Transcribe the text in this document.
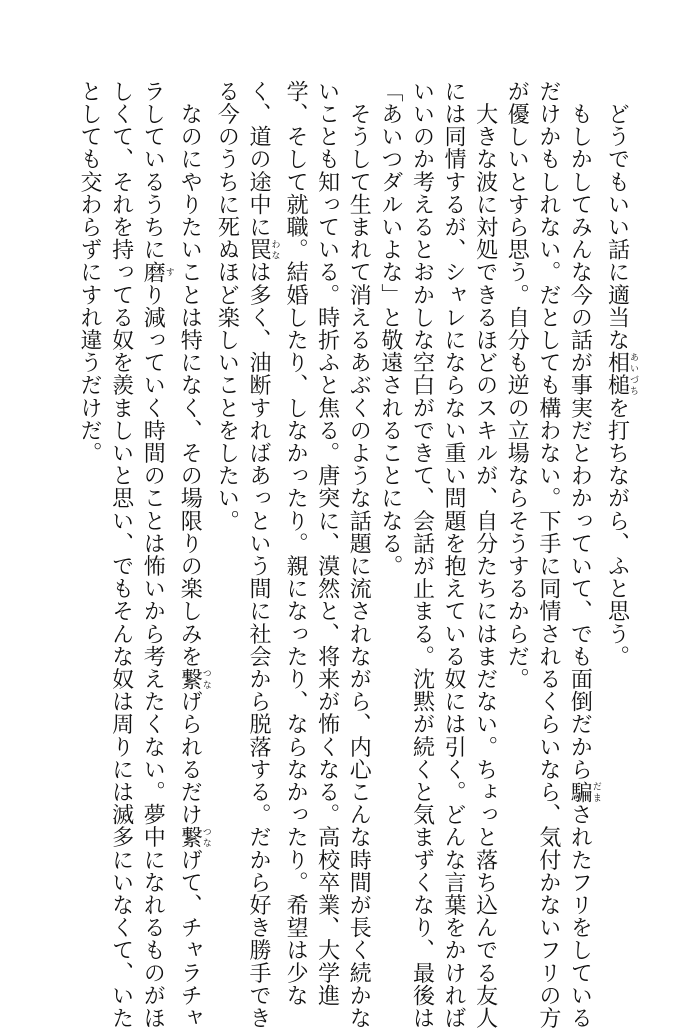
　どうでもいい話に適当な相槌あいづちを打ちながら、ふと思う。
　もしかしてみんな今の話が事実だとわかっていて、でも面倒だから騙だまされたフリをしている
だけかもしれない。だとしても構わない。下手に同情されるくらいなら、気付かないフリの方
が優しいとすら思う。自分も逆の立場ならそうするからだ。
　大きな波に対処できるほどのスキルが、自分たちにはまだない。ちょっと落ち込んでる友人
には同情するが、シャレにならない重い問題を抱えている奴には引く。どんな言葉をかければ
いいのか考えるとおかしな空白ができて、会話が止まる。沈黙が続くと気まずくなり、最後は
「あいつダルいよな」と敬遠されることになる。
　そうして生まれて消えるあぶくのような話題に流されながら、内心こんな時間が長く続かな
いことも知っている。時折ふと焦る。唐突に、漠然と、将来が怖くなる。高校卒業、大学進
学、そして就職。結婚したり、しなかったり。親になったり、ならなかったり。希望は少な
く、道の途中に罠わなは多く、油断すればあっという間に社会から脱落する。だから好き勝手でき
る今のうちに死ぬほど楽しいことをしたい。
　なのにやりたいことは特になく、その場限りの楽しみを繋つなげられるだけ繋つなげて、チャラチャ
ラしているうちに磨すり減っていく時間のことは怖いから考えたくない。夢中になれるものがほ
しくて、それを持ってる奴を羨ましいと思い、でもそんな奴は周りには滅多にいなくて、いた
としても交わらずにすれ違うだけだ。
